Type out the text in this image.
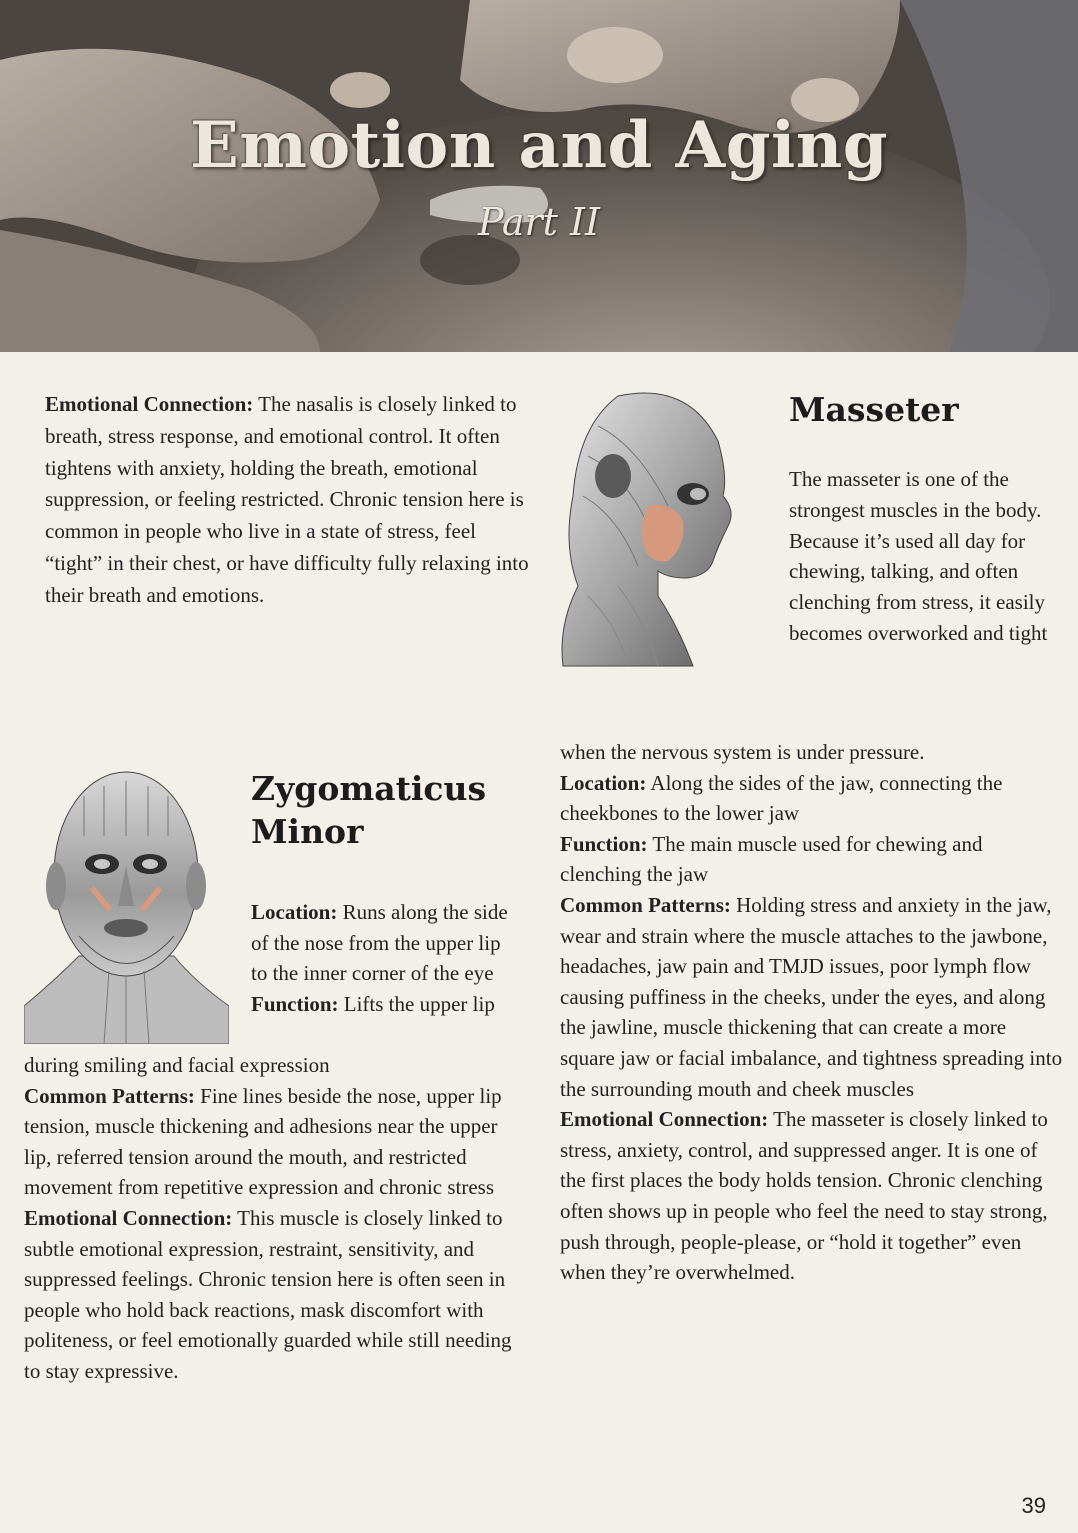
Emotion and Aging
Part II
Emotional Connection: The nasalis is closely linked to breath, stress response, and emotional control. It often tightens with anxiety, holding the breath, emotional suppression, or feeling restricted. Chronic tension here is common in people who live in a state of stress, feel “tight” in their chest, or have difficulty fully relaxing into their breath and emotions.
Masseter
The masseter is one of the strongest muscles in the body. Because it’s used all day for chewing, talking, and often clenching from stress, it easily becomes overworked and tight
when the nervous system is under pressure.
Location: Along the sides of the jaw, connecting the cheekbones to the lower jaw
Function: The main muscle used for chewing and clenching the jaw
Common Patterns: Holding stress and anxiety in the jaw, wear and strain where the muscle attaches to the jawbone, headaches, jaw pain and TMJD issues, poor lymph flow causing puffiness in the cheeks, under the eyes, and along the jawline, muscle thickening that can create a more square jaw or facial imbalance, and tightness spreading into the surrounding mouth and cheek muscles
Emotional Connection: The masseter is closely linked to stress, anxiety, control, and suppressed anger. It is one of the first places the body holds tension. Chronic clenching often shows up in people who feel the need to stay strong, push through, people-please, or “hold it together” even when they’re overwhelmed.
Zygomaticus
Minor
Location: Runs along the side of the nose from the upper lip to the inner corner of the eye
Function: Lifts the upper lip
during smiling and facial expression
Common Patterns: Fine lines beside the nose, upper lip tension, muscle thickening and adhesions near the upper lip, referred tension around the mouth, and restricted movement from repetitive expression and chronic stress
Emotional Connection: This muscle is closely linked to subtle emotional expression, restraint, sensitivity, and suppressed feelings. Chronic tension here is often seen in people who hold back reactions, mask discomfort with politeness, or feel emotionally guarded while still needing to stay expressive.
39
